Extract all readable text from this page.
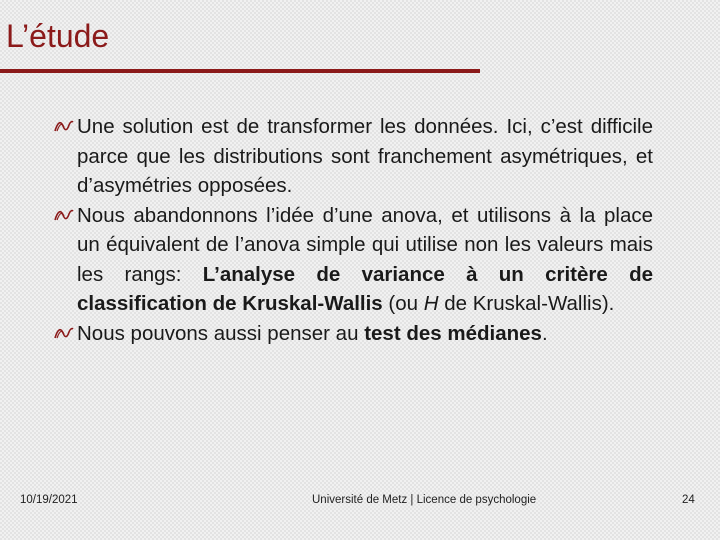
L’étude

Une solution est de transformer les données. Ici, c’est difficile parce que les distributions sont franchement asymétriques, et d’asymétries opposées.

Nous abandonnons l’idée d’une anova, et utilisons à la place un équivalent de l’anova simple qui utilise non les valeurs mais les rangs: L’analyse de variance à un critère de classification de Kruskal-Wallis (ou H de Kruskal-Wallis).

Nous pouvons aussi penser au test des médianes.

10/19/2021	Université de Metz | Licence de psychologie	24
